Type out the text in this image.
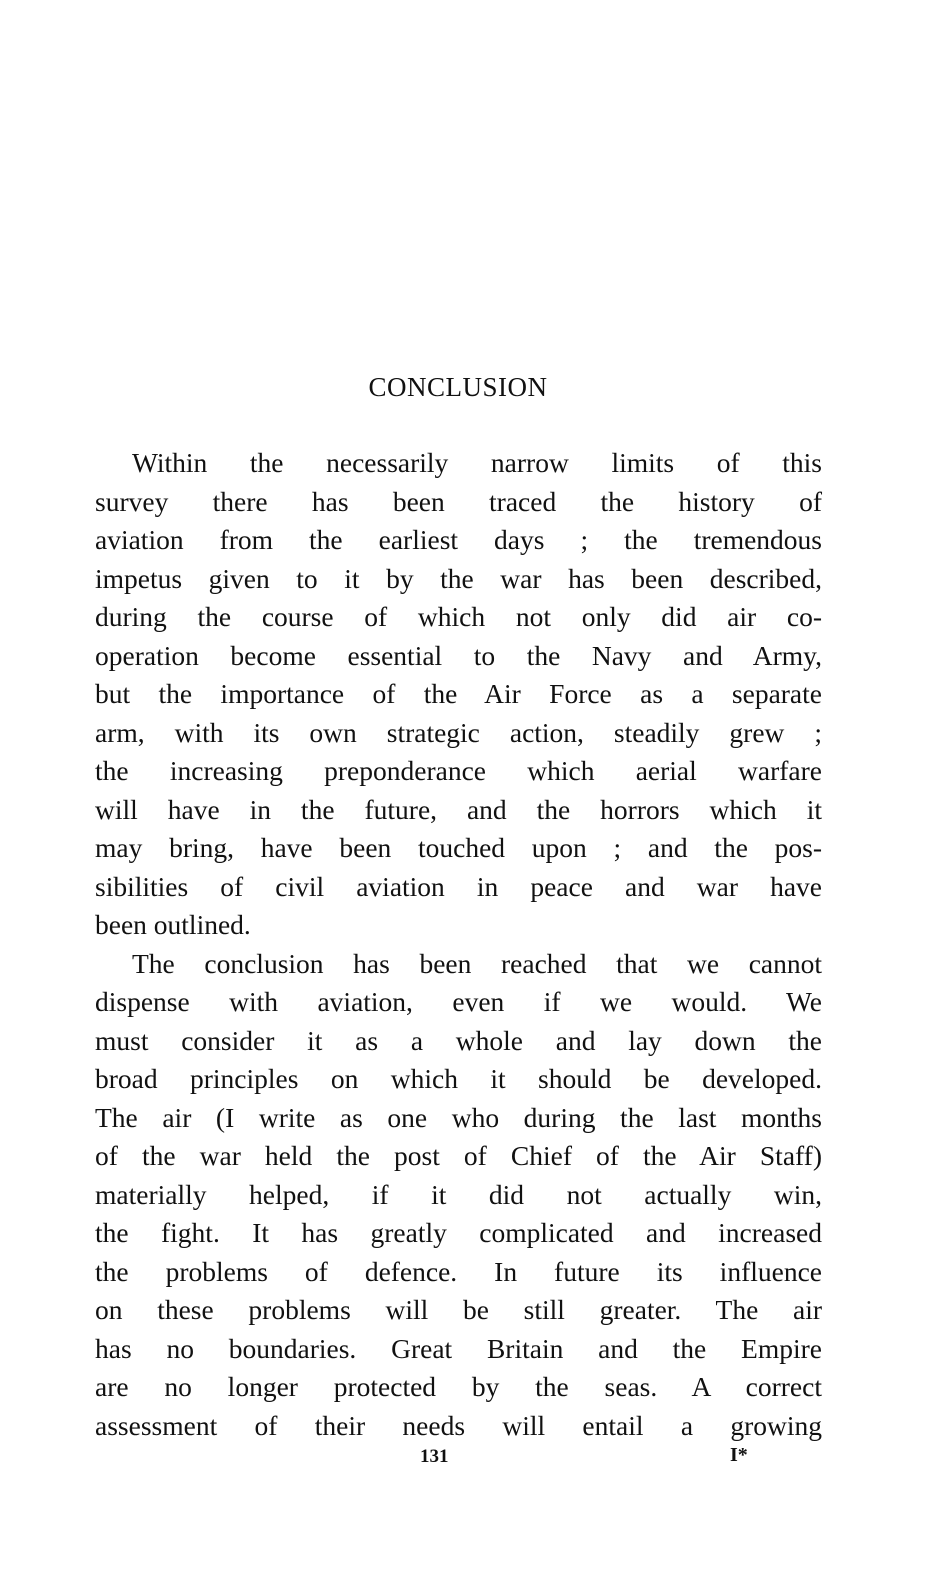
CONCLUSION
Within the necessarily narrow limits of this
survey there has been traced the history of
aviation from the earliest days ; the tremendous
impetus given to it by the war has been described,
during the course of which not only did air co-
operation become essential to the Navy and Army,
but the importance of the Air Force as a separate
arm, with its own strategic action, steadily grew ;
the increasing preponderance which aerial warfare
will have in the future, and the horrors which it
may bring, have been touched upon ; and the pos-
sibilities of civil aviation in peace and war have
been outlined.
The conclusion has been reached that we cannot
dispense with aviation, even if we would. We
must consider it as a whole and lay down the
broad principles on which it should be developed.
The air (I write as one who during the last months
of the war held the post of Chief of the Air Staff)
materially helped, if it did not actually win,
the fight. It has greatly complicated and increased
the problems of defence. In future its influence
on these problems will be still greater. The air
has no boundaries. Great Britain and the Empire
are no longer protected by the seas. A correct
assessment of their needs will entail a growing
131	I*
